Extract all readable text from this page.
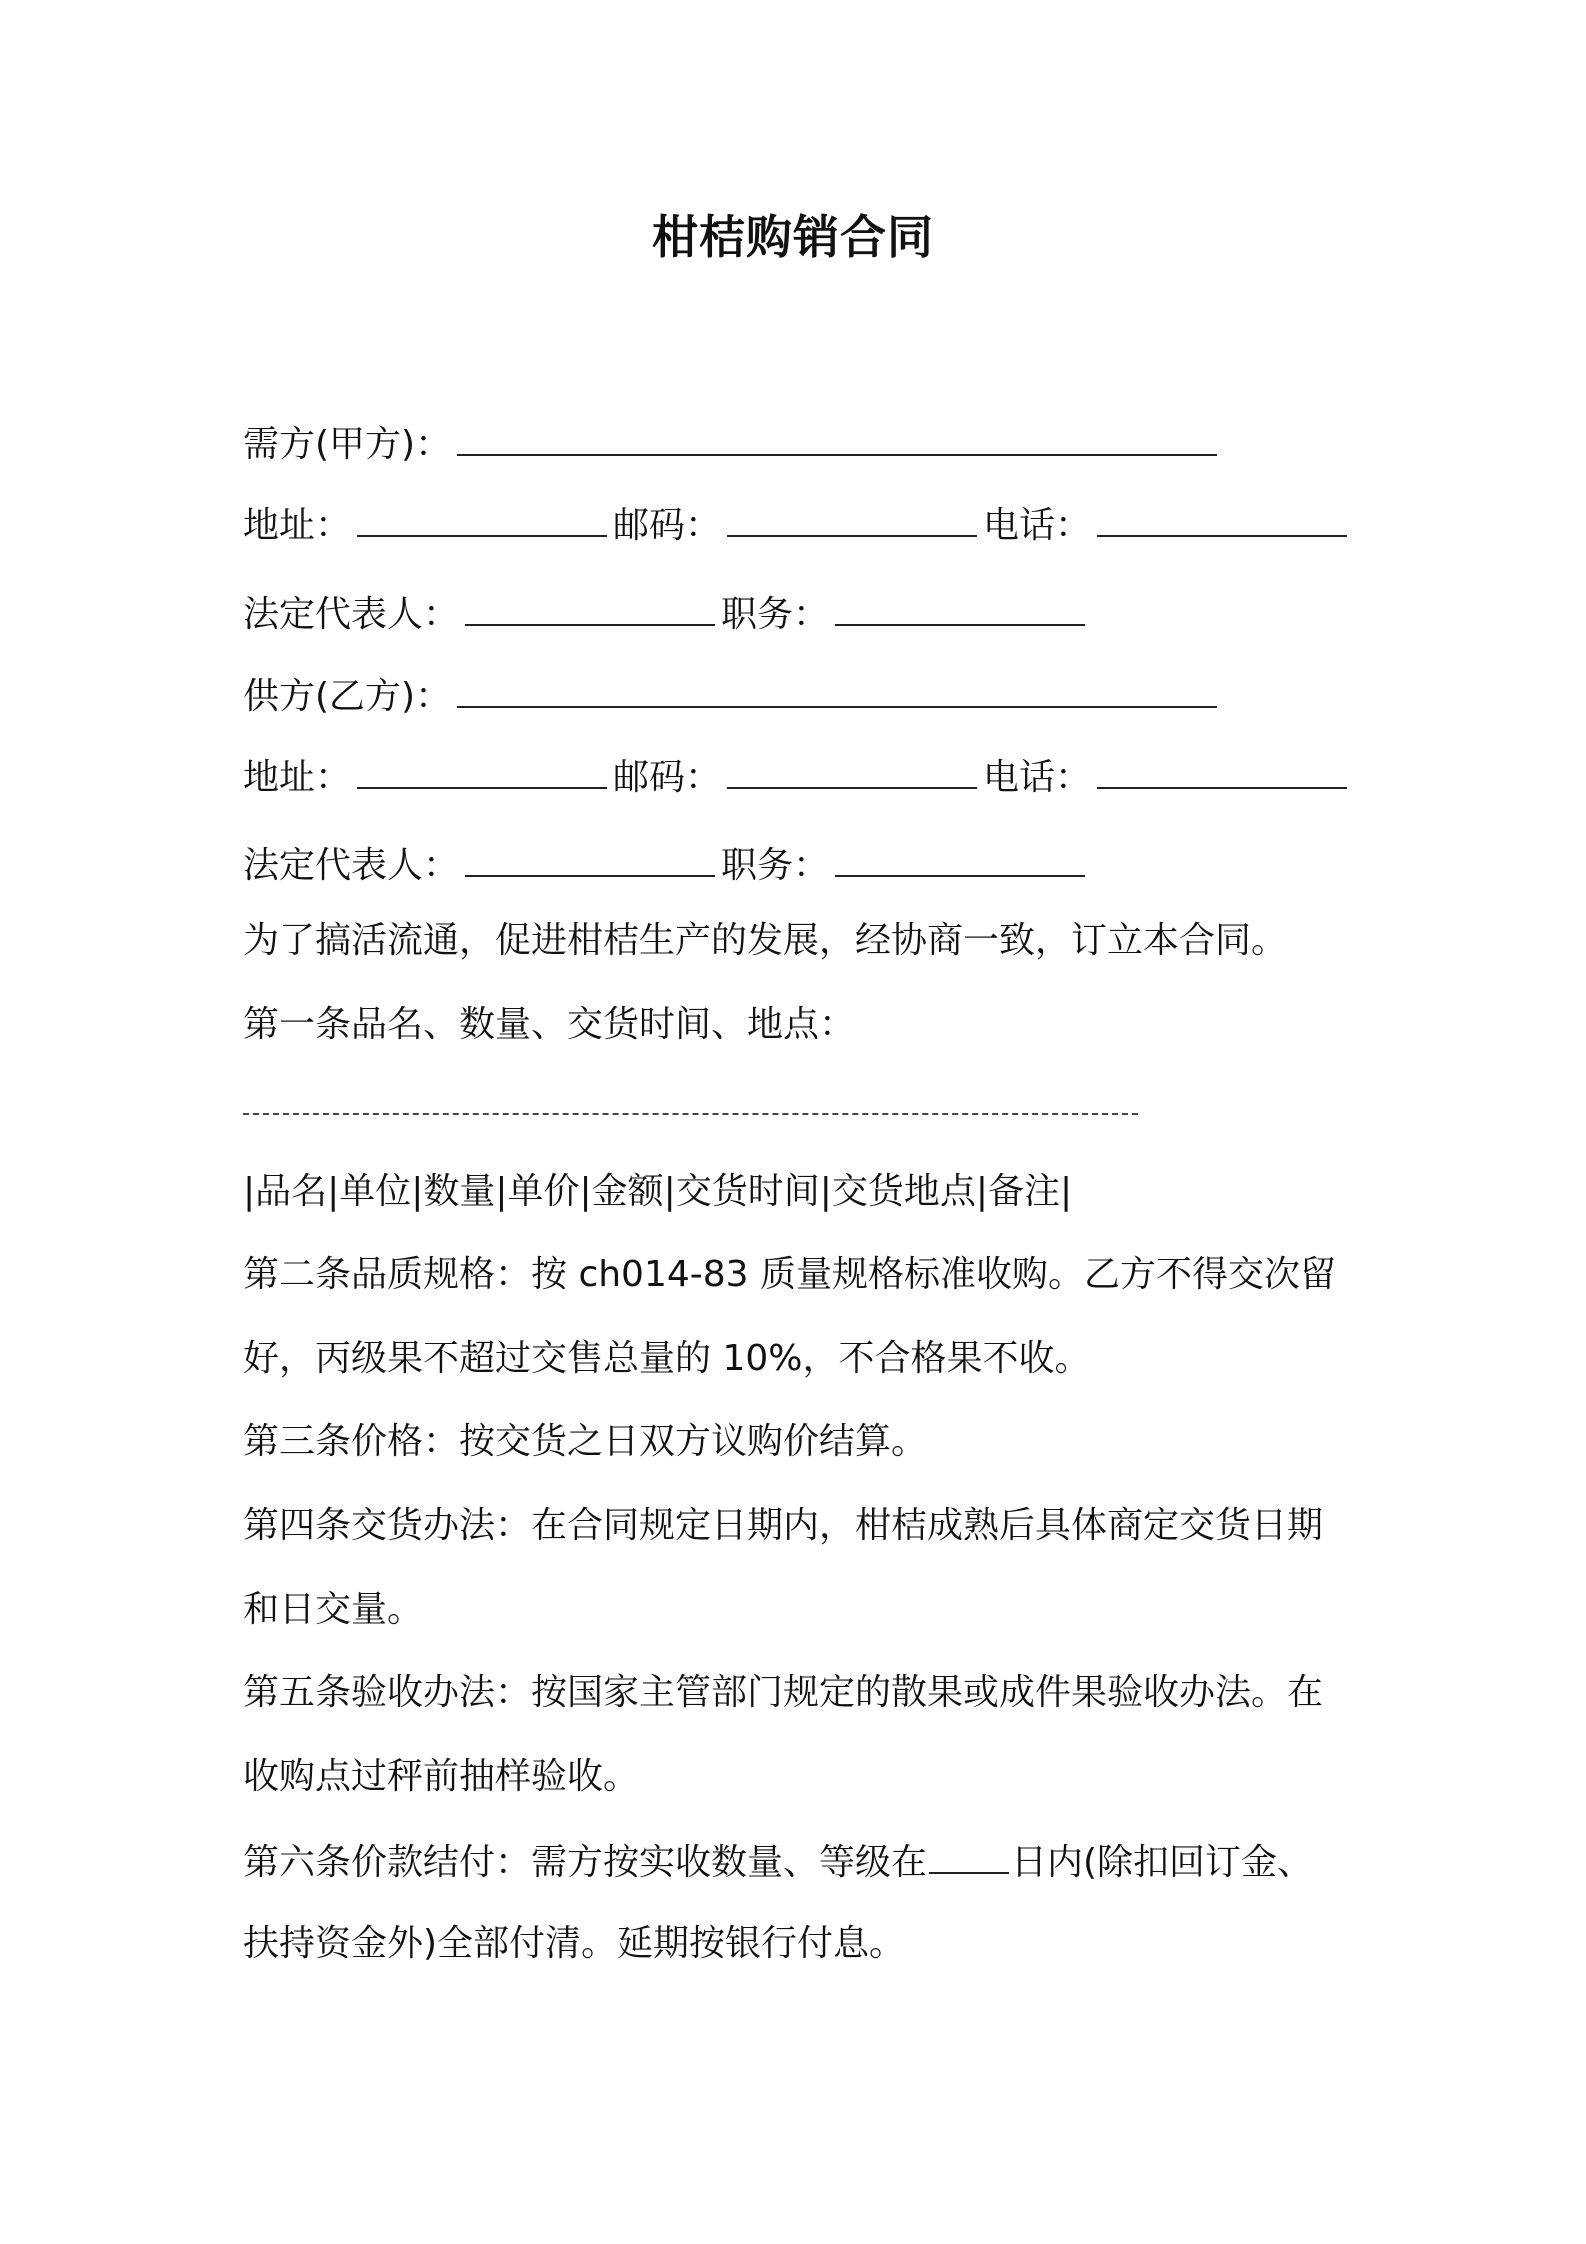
柑桔购销合同
需方(甲方)：
地址：	邮码：	电话：
法定代表人：	职务：
供方(乙方)：
地址：	邮码：	电话：
法定代表人：	职务：
为了搞活流通，促进柑桔生产的发展，经协商一致，订立本合同。
第一条品名、数量、交货时间、地点：
|品名|单位|数量|单价|金额|交货时间|交货地点|备注|
第二条品质规格：按 ch014-83 质量规格标准收购。乙方不得交次留
好，丙级果不超过交售总量的 10%，不合格果不收。
第三条价格：按交货之日双方议购价结算。
第四条交货办法：在合同规定日期内，柑桔成熟后具体商定交货日期
和日交量。
第五条验收办法：按国家主管部门规定的散果或成件果验收办法。在
收购点过秤前抽样验收。
第六条价款结付：需方按实收数量、等级在 日内(除扣回订金、
扶持资金外)全部付清。延期按银行付息。
